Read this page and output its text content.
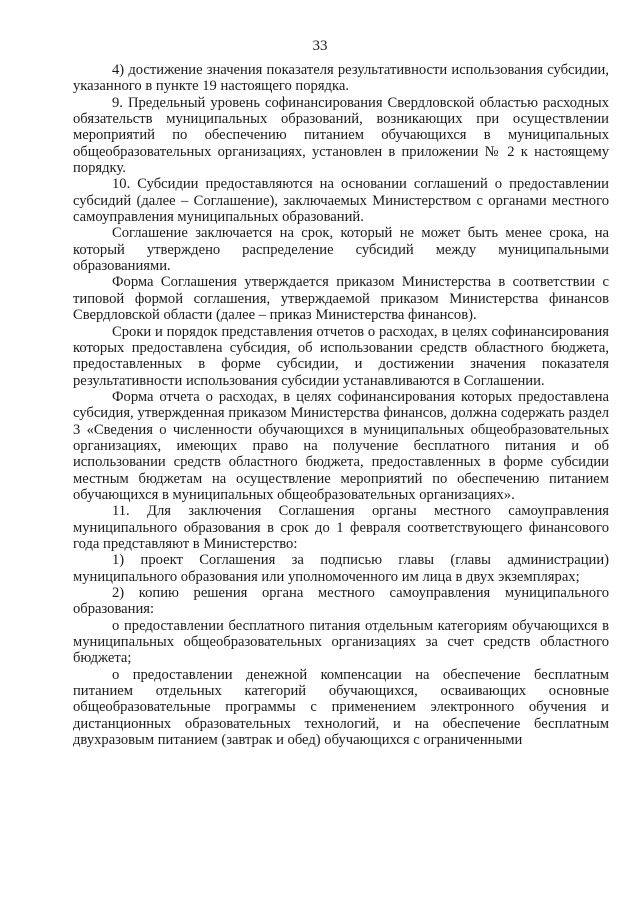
33

4) достижение значения показателя результативности использования субсидии, указанного в пункте 19 настоящего порядка.

9. Предельный уровень софинансирования Свердловской областью расходных обязательств муниципальных образований, возникающих при осуществлении мероприятий по обеспечению питанием обучающихся в муниципальных общеобразовательных организациях, установлен в приложении № 2 к настоящему порядку.

10. Субсидии предоставляются на основании соглашений о предоставлении субсидий (далее – Соглашение), заключаемых Министерством с органами местного самоуправления муниципальных образований.

Соглашение заключается на срок, который не может быть менее срока, на который утверждено распределение субсидий между муниципальными образованиями.

Форма Соглашения утверждается приказом Министерства в соответствии с типовой формой соглашения, утверждаемой приказом Министерства финансов Свердловской области (далее – приказ Министерства финансов).

Сроки и порядок представления отчетов о расходах, в целях софинансирования которых предоставлена субсидия, об использовании средств областного бюджета, предоставленных в форме субсидии, и достижении значения показателя результативности использования субсидии устанавливаются в Соглашении.

Форма отчета о расходах, в целях софинансирования которых предоставлена субсидия, утвержденная приказом Министерства финансов, должна содержать раздел 3 «Сведения о численности обучающихся в муниципальных общеобразовательных организациях, имеющих право на получение бесплатного питания и об использовании средств областного бюджета, предоставленных в форме субсидии местным бюджетам на осуществление мероприятий по обеспечению питанием обучающихся в муниципальных общеобразовательных организациях».

11. Для заключения Соглашения органы местного самоуправления муниципального образования в срок до 1 февраля соответствующего финансового года представляют в Министерство:

1) проект Соглашения за подписью главы (главы администрации) муниципального образования или уполномоченного им лица в двух экземплярах;

2) копию решения органа местного самоуправления муниципального образования:

о предоставлении бесплатного питания отдельным категориям обучающихся в муниципальных общеобразовательных организациях за счет средств областного бюджета;

о предоставлении денежной компенсации на обеспечение бесплатным питанием отдельных категорий обучающихся, осваивающих основные общеобразовательные программы с применением электронного обучения и дистанционных образовательных технологий, и на обеспечение бесплатным двухразовым питанием (завтрак и обед) обучающихся с ограниченными
